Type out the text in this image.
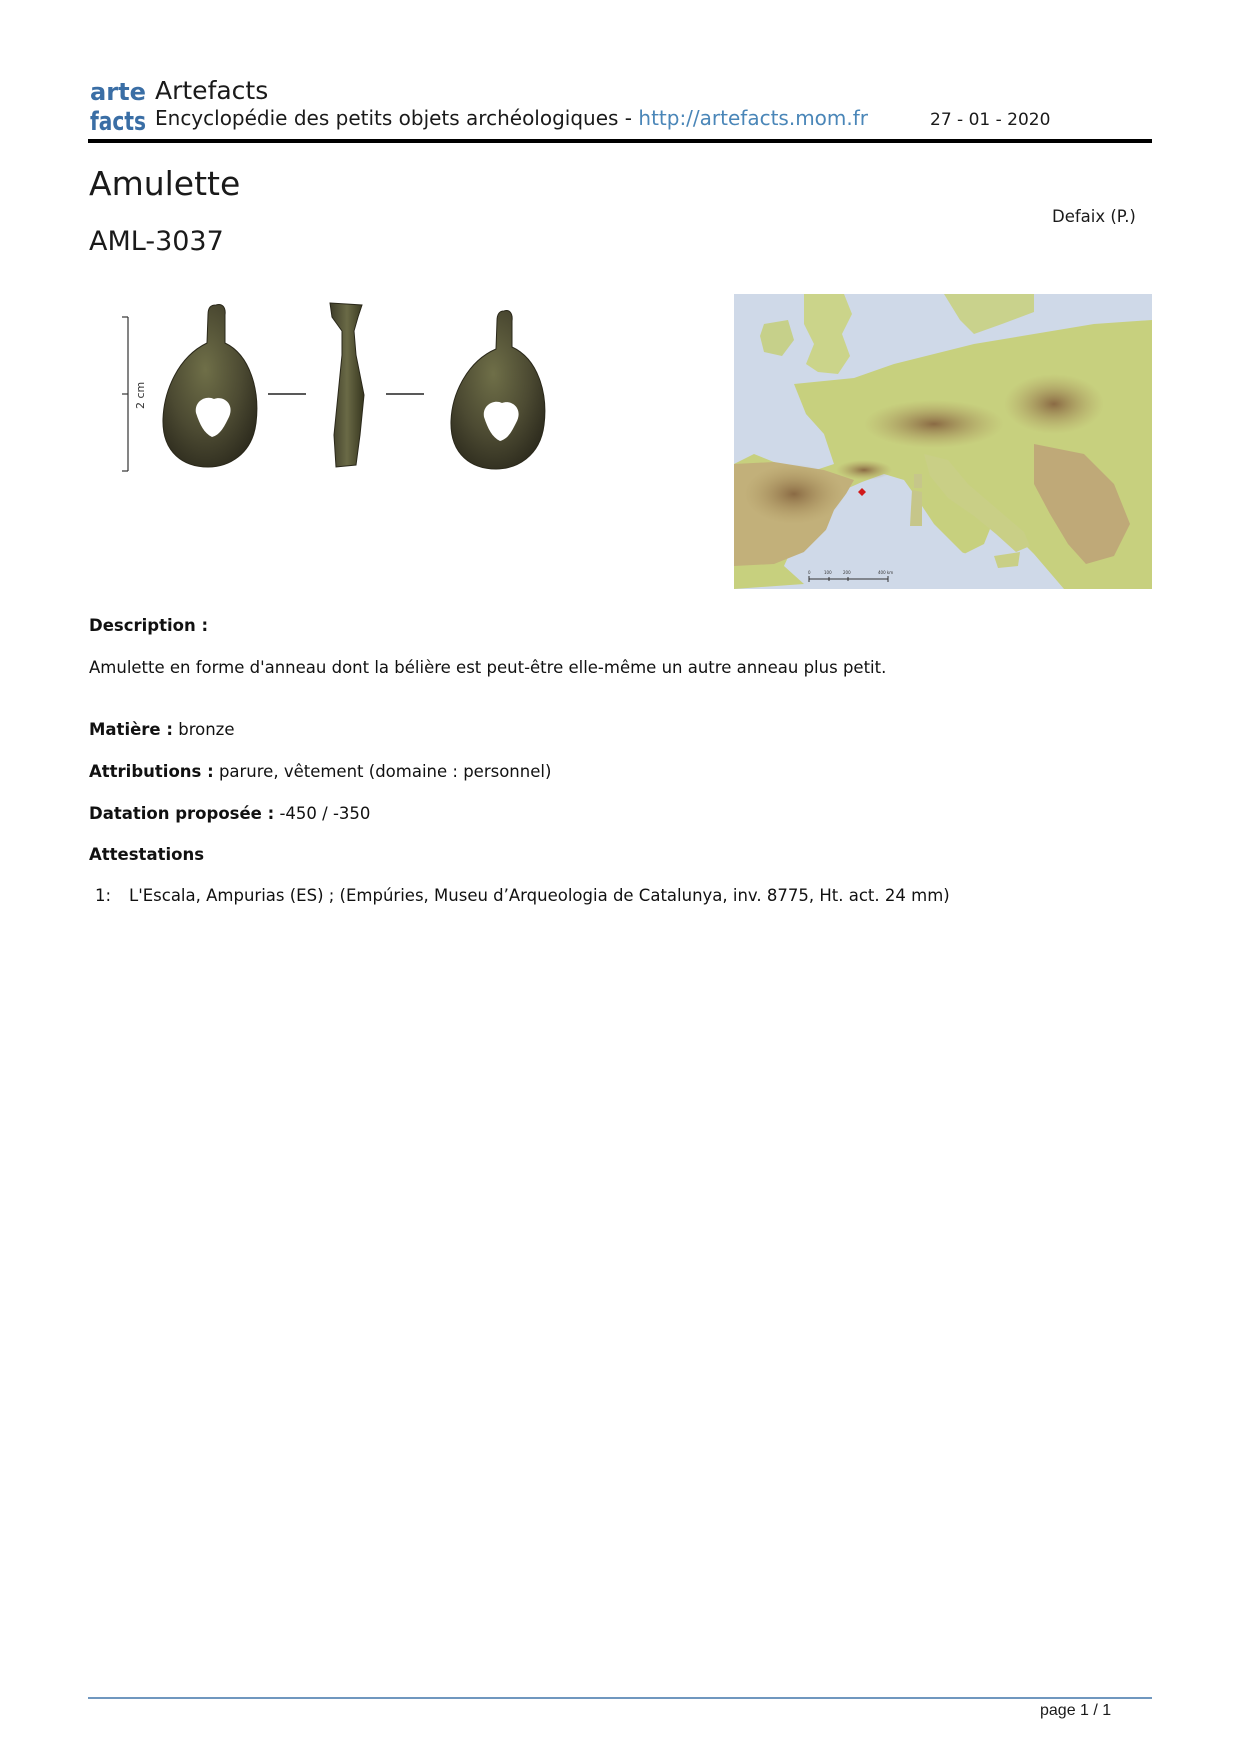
arte
facts
Artefacts
Encyclopédie des petits objets archéologiques - http://artefacts.mom.fr	27 - 01 - 2020
Amulette
Defaix (P.)
AML-3037
2 cm
0	100	200	400 km
Description :
Amulette en forme d'anneau dont la bélière est peut-être elle-même un autre anneau plus petit.
Matière : bronze
Attributions : parure, vêtement (domaine : personnel)
Datation proposée : -450 / -350
Attestations
1: L'Escala, Ampurias (ES) ; (Empúries, Museu d’Arqueologia de Catalunya, inv. 8775, Ht. act. 24 mm)
page 1 / 1
